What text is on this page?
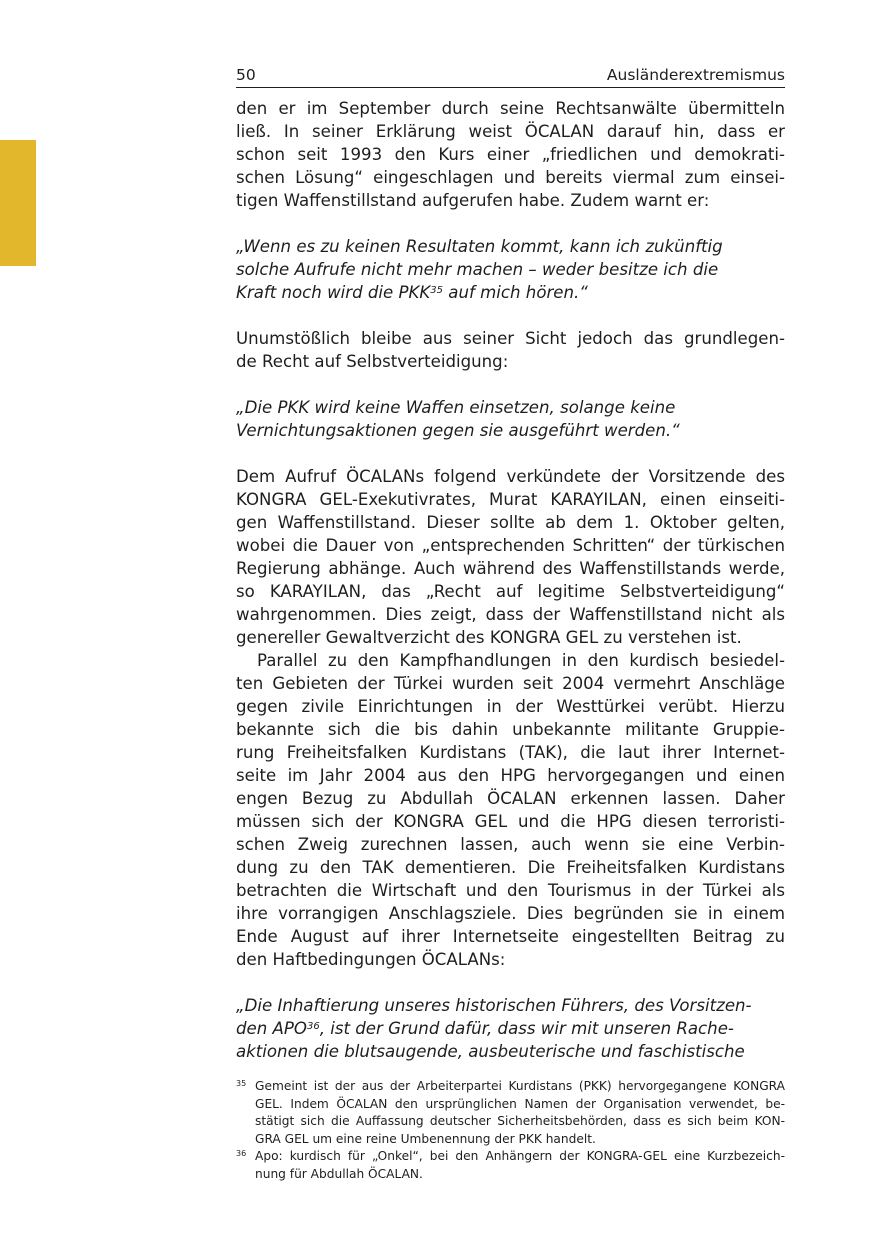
50	Ausländerextremismus

den er im September durch seine Rechtsanwälte übermitteln
ließ. In seiner Erklärung weist ÖCALAN darauf hin, dass er
schon seit 1993 den Kurs einer „friedlichen und demokrati-
schen Lösung“ eingeschlagen und bereits viermal zum einsei-
tigen Waffenstillstand aufgerufen habe. Zudem warnt er:

„Wenn es zu keinen Resultaten kommt, kann ich zukünftig
solche Aufrufe nicht mehr machen – weder besitze ich die
Kraft noch wird die PKK$^{35}$ auf mich hören.“

Unumstößlich bleibe aus seiner Sicht jedoch das grundlegen-
de Recht auf Selbstverteidigung:

„Die PKK wird keine Waffen einsetzen, solange keine
Vernichtungsaktionen gegen sie ausgeführt werden.“

Dem Aufruf ÖCALANs folgend verkündete der Vorsitzende des
KONGRA GEL-Exekutivrates, Murat KARAYILAN, einen einseiti-
gen Waffenstillstand. Dieser sollte ab dem 1. Oktober gelten,
wobei die Dauer von „entsprechenden Schritten“ der türkischen
Regierung abhänge. Auch während des Waffenstillstands werde,
so KARAYILAN, das „Recht auf legitime Selbstverteidigung“
wahrgenommen. Dies zeigt, dass der Waffenstillstand nicht als
genereller Gewaltverzicht des KONGRA GEL zu verstehen ist.

Parallel zu den Kampfhandlungen in den kurdisch besiedel-
ten Gebieten der Türkei wurden seit 2004 vermehrt Anschläge
gegen zivile Einrichtungen in der Westtürkei verübt. Hierzu
bekannte sich die bis dahin unbekannte militante Gruppie-
rung Freiheitsfalken Kurdistans (TAK), die laut ihrer Internet-
seite im Jahr 2004 aus den HPG hervorgegangen und einen
engen Bezug zu Abdullah ÖCALAN erkennen lassen. Daher
müssen sich der KONGRA GEL und die HPG diesen terroristi-
schen Zweig zurechnen lassen, auch wenn sie eine Verbin-
dung zu den TAK dementieren. Die Freiheitsfalken Kurdistans
betrachten die Wirtschaft und den Tourismus in der Türkei als
ihre vorrangigen Anschlagsziele. Dies begründen sie in einem
Ende August auf ihrer Internetseite eingestellten Beitrag zu
den Haftbedingungen ÖCALANs:

„Die Inhaftierung unseres historischen Führers, des Vorsitzen-
den APO$^{36}$, ist der Grund dafür, dass wir mit unseren Rache-
aktionen die blutsaugende, ausbeuterische und faschistische

35 Gemeint ist der aus der Arbeiterpartei Kurdistans (PKK) hervorgegangene KONGRA
GEL. Indem ÖCALAN den ursprünglichen Namen der Organisation verwendet, be-
stätigt sich die Auffassung deutscher Sicherheitsbehörden, dass es sich beim KON-
GRA GEL um eine reine Umbenennung der PKK handelt.
36 Apo: kurdisch für „Onkel“, bei den Anhängern der KONGRA-GEL eine Kurzbezeich-
nung für Abdullah ÖCALAN.
